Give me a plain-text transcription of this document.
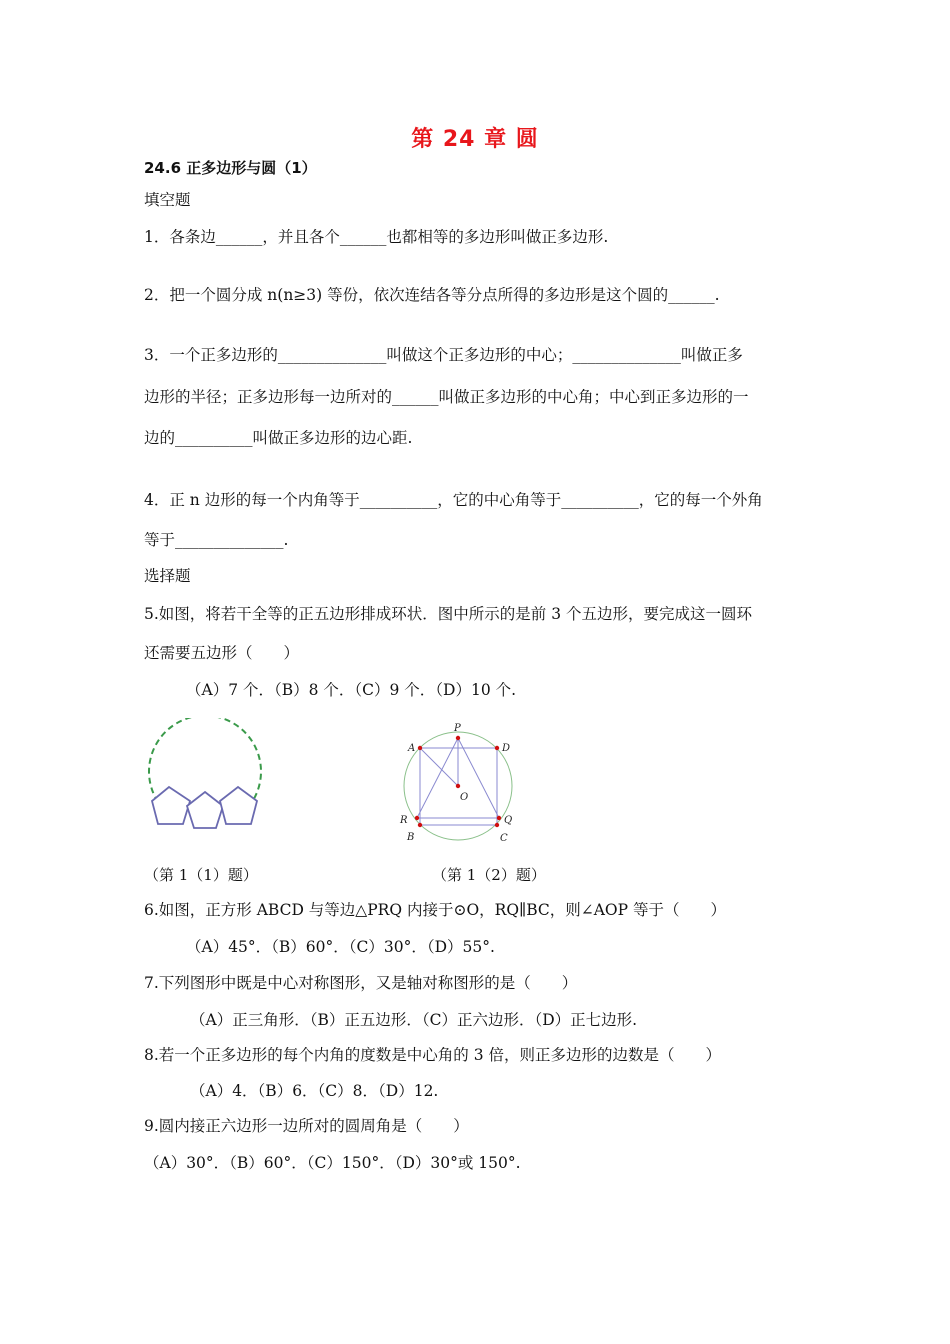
第 24 章 圆
24.6 正多边形与圆（1）
填空题
1．各条边______，并且各个______也都相等的多边形叫做正多边形.
2．把一个圆分成 n(n≥3) 等份，依次连结各等分点所得的多边形是这个圆的______.
3．一个正多边形的______________叫做这个正多边形的中心；______________叫做正多
边形的半径；正多边形每一边所对的______叫做正多边形的中心角；中心到正多边形的一
边的__________叫做正多边形的边心距.
4．正 n 边形的每一个内角等于__________，它的中心角等于__________，它的每一个外角
等于______________.
选择题
5.如图，将若干全等的正五边形排成环状．图中所示的是前 3 个五边形，要完成这一圆环
还需要五边形（　　）
（A）7 个．（B）8 个．（C）9 个．（D）10 个.
（第 1（1）题）
P
A	D
O
R	Q
B	C
（第 1（2）题）
6.如图，正方形 ABCD 与等边△PRQ 内接于⊙O，RQ∥BC，则∠AOP 等于（　　）
（A）45°．（B）60°．（C）30°．（D）55°.
7.下列图形中既是中心对称图形，又是轴对称图形的是（　　）
（A）正三角形．（B）正五边形．（C）正六边形．（D）正七边形.
8.若一个正多边形的每个内角的度数是中心角的 3 倍，则正多边形的边数是（　　）
（A）4．（B）6．（C）8．（D）12.
9.圆内接正六边形一边所对的圆周角是（　　）
（A）30°．（B）60°．（C）150°．（D）30°或 150°.
